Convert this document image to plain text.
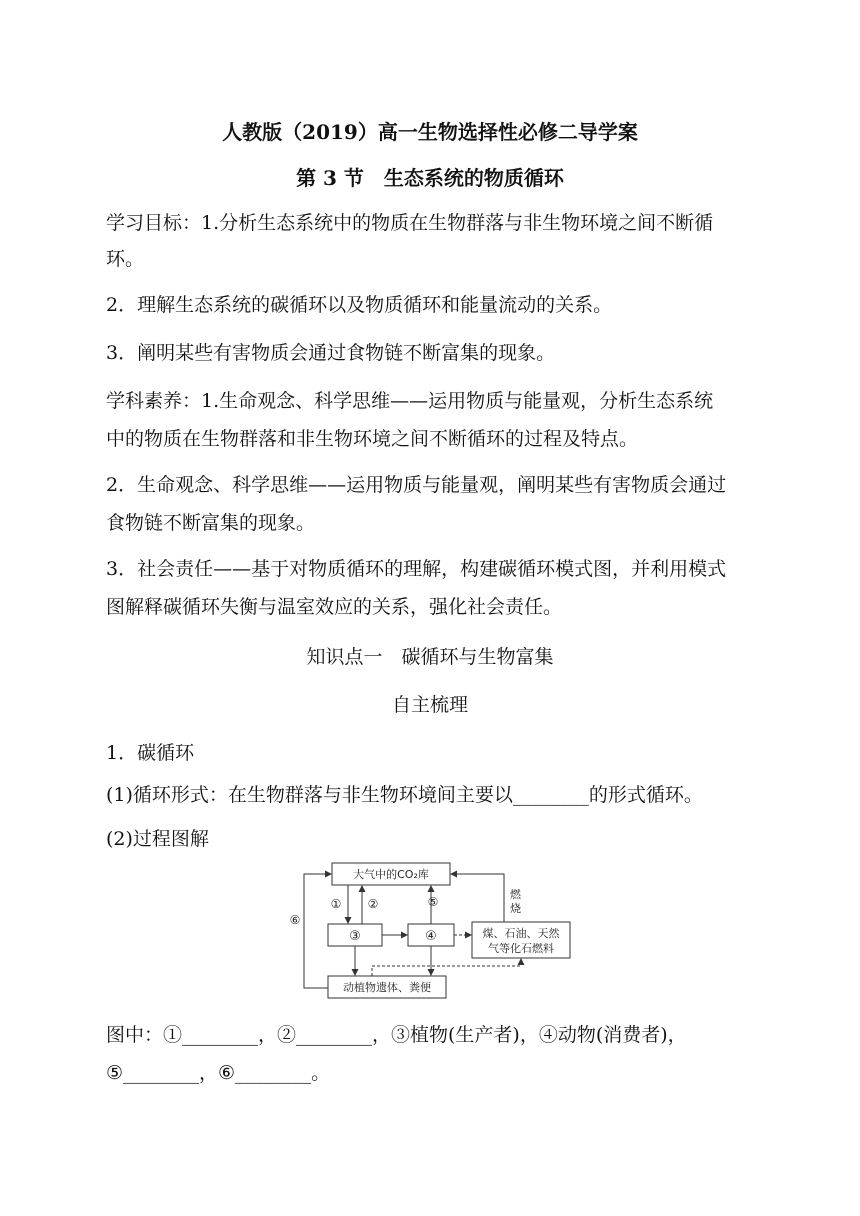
人教版（2019）高一生物选择性必修二导学案
第 3 节　生态系统的物质循环
学习目标：1.分析生态系统中的物质在生物群落与非生物环境之间不断循
环。
2．理解生态系统的碳循环以及物质循环和能量流动的关系。
3．阐明某些有害物质会通过食物链不断富集的现象。
学科素养：1.生命观念、科学思维——运用物质与能量观，分析生态系统
中的物质在生物群落和非生物环境之间不断循环的过程及特点。
2．生命观念、科学思维——运用物质与能量观，阐明某些有害物质会通过
食物链不断富集的现象。
3．社会责任——基于对物质循环的理解，构建碳循环模式图，并利用模式
图解释碳循环失衡与温室效应的关系，强化社会责任。
知识点一　碳循环与生物富集
自主梳理
1．碳循环
(1)循环形式：在生物群落与非生物环境间主要以________的形式循环。
(2)过程图解
大气中的CO₂库
③	④	煤、石油、天然
气等化石燃料
动植物遗体、粪便
① ②	⑤
燃
烧
⑥
图中：①________，②________，③植物(生产者)，④动物(消费者)，
⑤________，⑥________。
